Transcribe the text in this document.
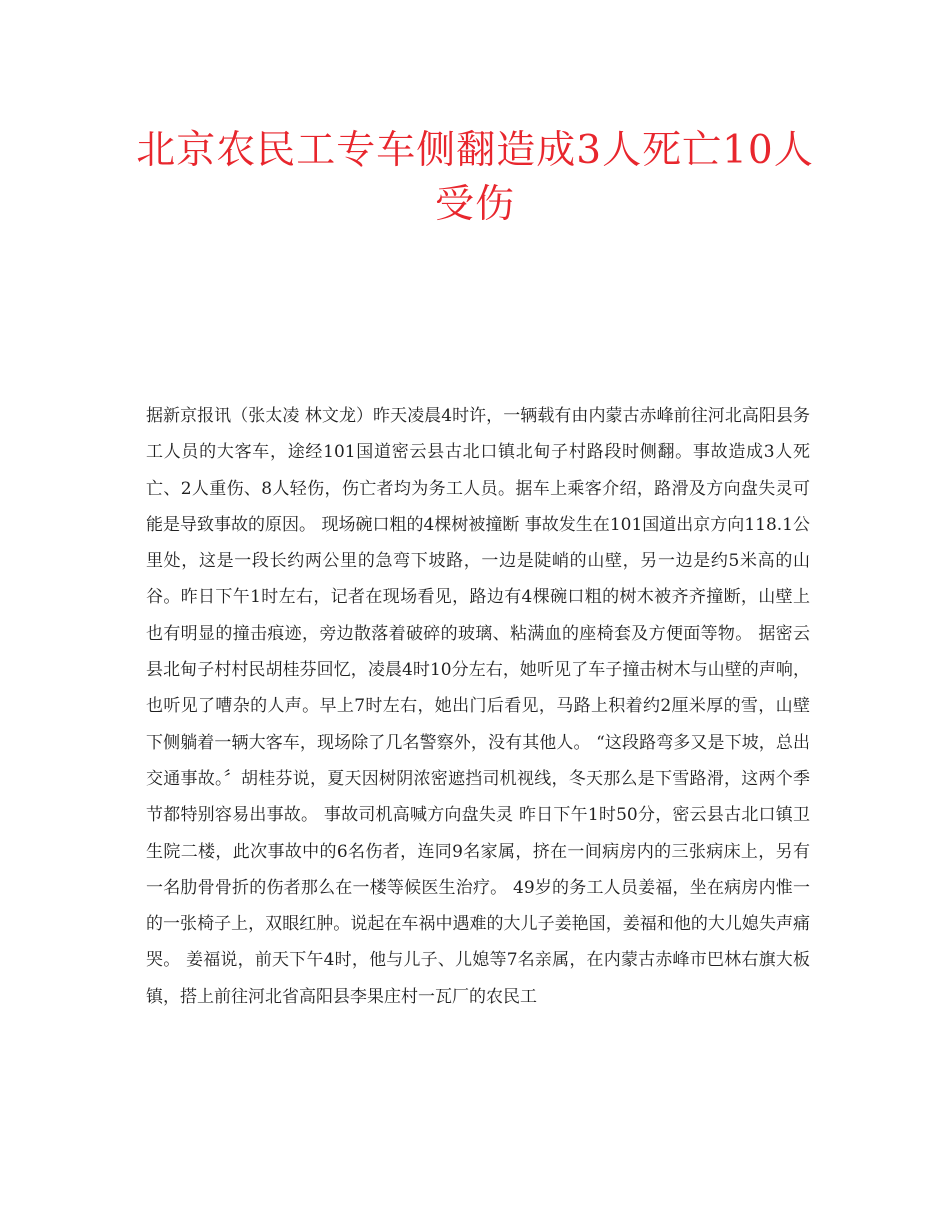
北京农民工专车侧翻造成3人死亡10人受伤

据新京报讯（张太凌 林文龙）昨天凌晨4时许，一辆载有由内蒙古赤峰前往河北高阳县务工人员的大客车，途经101国道密云县古北口镇北甸子村路段时侧翻。事故造成3人死亡、2人重伤、8人轻伤，伤亡者均为务工人员。据车上乘客介绍，路滑及方向盘失灵可能是导致事故的原因。 现场碗口粗的4棵树被撞断 事故发生在101国道出京方向118.1公里处，这是一段长约两公里的急弯下坡路，一边是陡峭的山壁，另一边是约5米高的山谷。昨日下午1时左右，记者在现场看见，路边有4棵碗口粗的树木被齐齐撞断，山壁上也有明显的撞击痕迹，旁边散落着破碎的玻璃、粘满血的座椅套及方便面等物。 据密云县北甸子村村民胡桂芬回忆，凌晨4时10分左右，她听见了车子撞击树木与山壁的声响，也听见了嘈杂的人声。早上7时左右，她出门后看见，马路上积着约2厘米厚的雪，山壁下侧躺着一辆大客车，现场除了几名警察外，没有其他人。 “这段路弯多又是下坡，总出交通事故。〞胡桂芬说，夏天因树阴浓密遮挡司机视线，冬天那么是下雪路滑，这两个季节都特别容易出事故。 事故司机高喊方向盘失灵 昨日下午1时50分，密云县古北口镇卫生院二楼，此次事故中的6名伤者，连同9名家属，挤在一间病房内的三张病床上，另有一名肋骨骨折的伤者那么在一楼等候医生治疗。 49岁的务工人员姜福，坐在病房内惟一的一张椅子上，双眼红肿。说起在车祸中遇难的大儿子姜艳国，姜福和他的大儿媳失声痛哭。 姜福说，前天下午4时，他与儿子、儿媳等7名亲属，在内蒙古赤峰市巴林右旗大板镇，搭上前往河北省高阳县李果庄村一瓦厂的农民工
